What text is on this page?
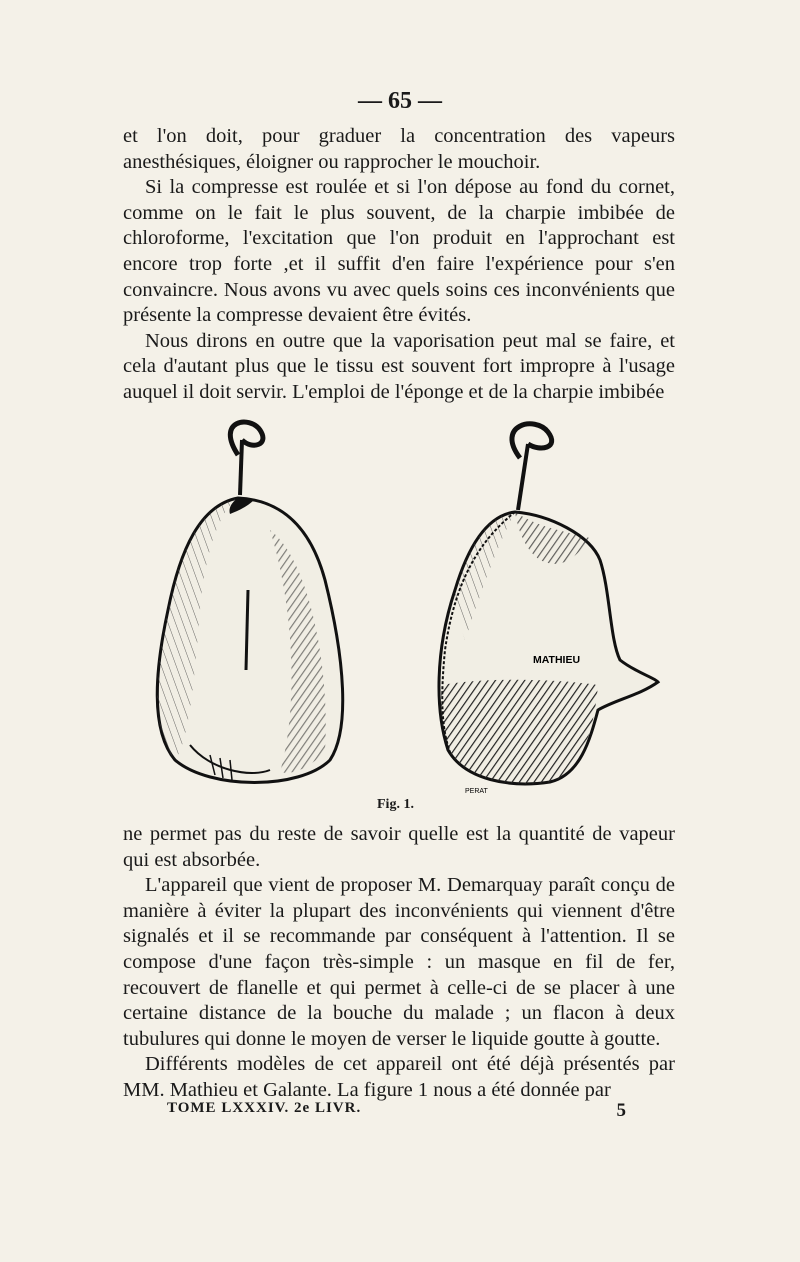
— 65 —

et l'on doit, pour graduer la concentration des vapeurs anesthésiques, éloigner ou rapprocher le mouchoir.

Si la compresse est roulée et si l'on dépose au fond du cornet, comme on le fait le plus souvent, de la charpie imbibée de chloroforme, l'excitation que l'on produit en l'approchant est encore trop forte ,et il suffit d'en faire l'expérience pour s'en convaincre. Nous avons vu avec quels soins ces inconvénients que présente la compresse devaient être évités.

Nous dirons en outre que la vaporisation peut mal se faire, et cela d'autant plus que le tissu est souvent fort impropre à l'usage auquel il doit servir. L'emploi de l'éponge et de la charpie imbibée

MATHIEU
PERAT
Fig. 1.

ne permet pas du reste de savoir quelle est la quantité de vapeur qui est absorbée.

L'appareil que vient de proposer M. Demarquay paraît conçu de manière à éviter la plupart des inconvénients qui viennent d'être signalés et il se recommande par conséquent à l'attention. Il se compose d'une façon très-simple : un masque en fil de fer, recouvert de flanelle et qui permet à celle-ci de se placer à une certaine distance de la bouche du malade ; un flacon à deux tubulures qui donne le moyen de verser le liquide goutte à goutte.

Différents modèles de cet appareil ont été déjà présentés par MM. Mathieu et Galante. La figure 1 nous a été donnée par

TOME LXXXIV. 2e LIVR.	5
